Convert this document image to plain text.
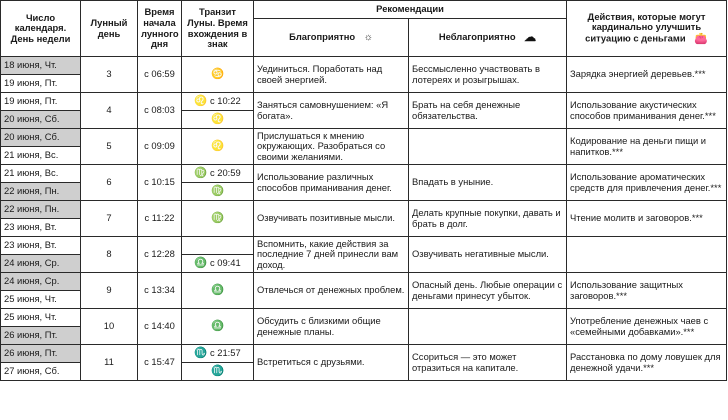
Число календаря. День недели	Лунный день	Время начала лунного дня	Транзит Луны. Время вхождения в знак	Рекомендации		Действия, которые могут кардинально улучшить ситуацию с деньгами 👛
				Благоприятно ☼	Неблагоприятно ☁	
18 июня, Чт.	3	с 06:59	♋	Уединиться. Поработать над своей энергией.	Бессмысленно участвовать в лотереях и розыгрышах.	Зарядка энергией деревьев.***
19 июня, Пт.						
19 июня, Пт.	4	с 08:03	♌ с 10:22	Заняться самовнушением: «Я богата».	Брать на себя денежные обязательства.	Использование акустических способов приманивания денег.***
20 июня, Сб.			♌			
20 июня, Сб.	5	с 09:09	♌	Прислушаться к мнению окружающих. Разобраться со своими желаниями.		Кодирование на деньги пищи и напитков.***
21 июня, Вс.						
21 июня, Вс.	6	с 10:15	♍ с 20:59	Использование различных способов приманивания денег.	Впадать в уныние.	Использование ароматических средств для привлечения денег.***
22 июня, Пн.			♍			
22 июня, Пн.	7	с 11:22	♍	Озвучивать позитивные мысли.	Делать крупные покупки, давать и брать в долг.	Чтение молитв и заговоров.***
23 июня, Вт.						
23 июня, Вт.	8	с 12:28		Вспомнить, какие действия за последние 7 дней принесли вам доход.	Озвучивать негативные мысли.	
24 июня, Ср.			♎ с 09:41			
24 июня, Ср.	9	с 13:34	♎	Отвлечься от денежных проблем.	Опасный день. Любые операции с деньгами принесут убыток.	Использование защитных заговоров.***
25 июня, Чт.						
25 июня, Чт.	10	с 14:40	♎	Обсудить с близкими общие денежные планы.		Употребление денежных чаев с «семейными добавками».***
26 июня, Пт.						
26 июня, Пт.	11	с 15:47	♏ с 21:57	Встретиться с друзьями.	Ссориться — это может отразиться на капитале.	Расстановка по дому ловушек для денежной удачи.***
27 июня, Сб.			♏			
